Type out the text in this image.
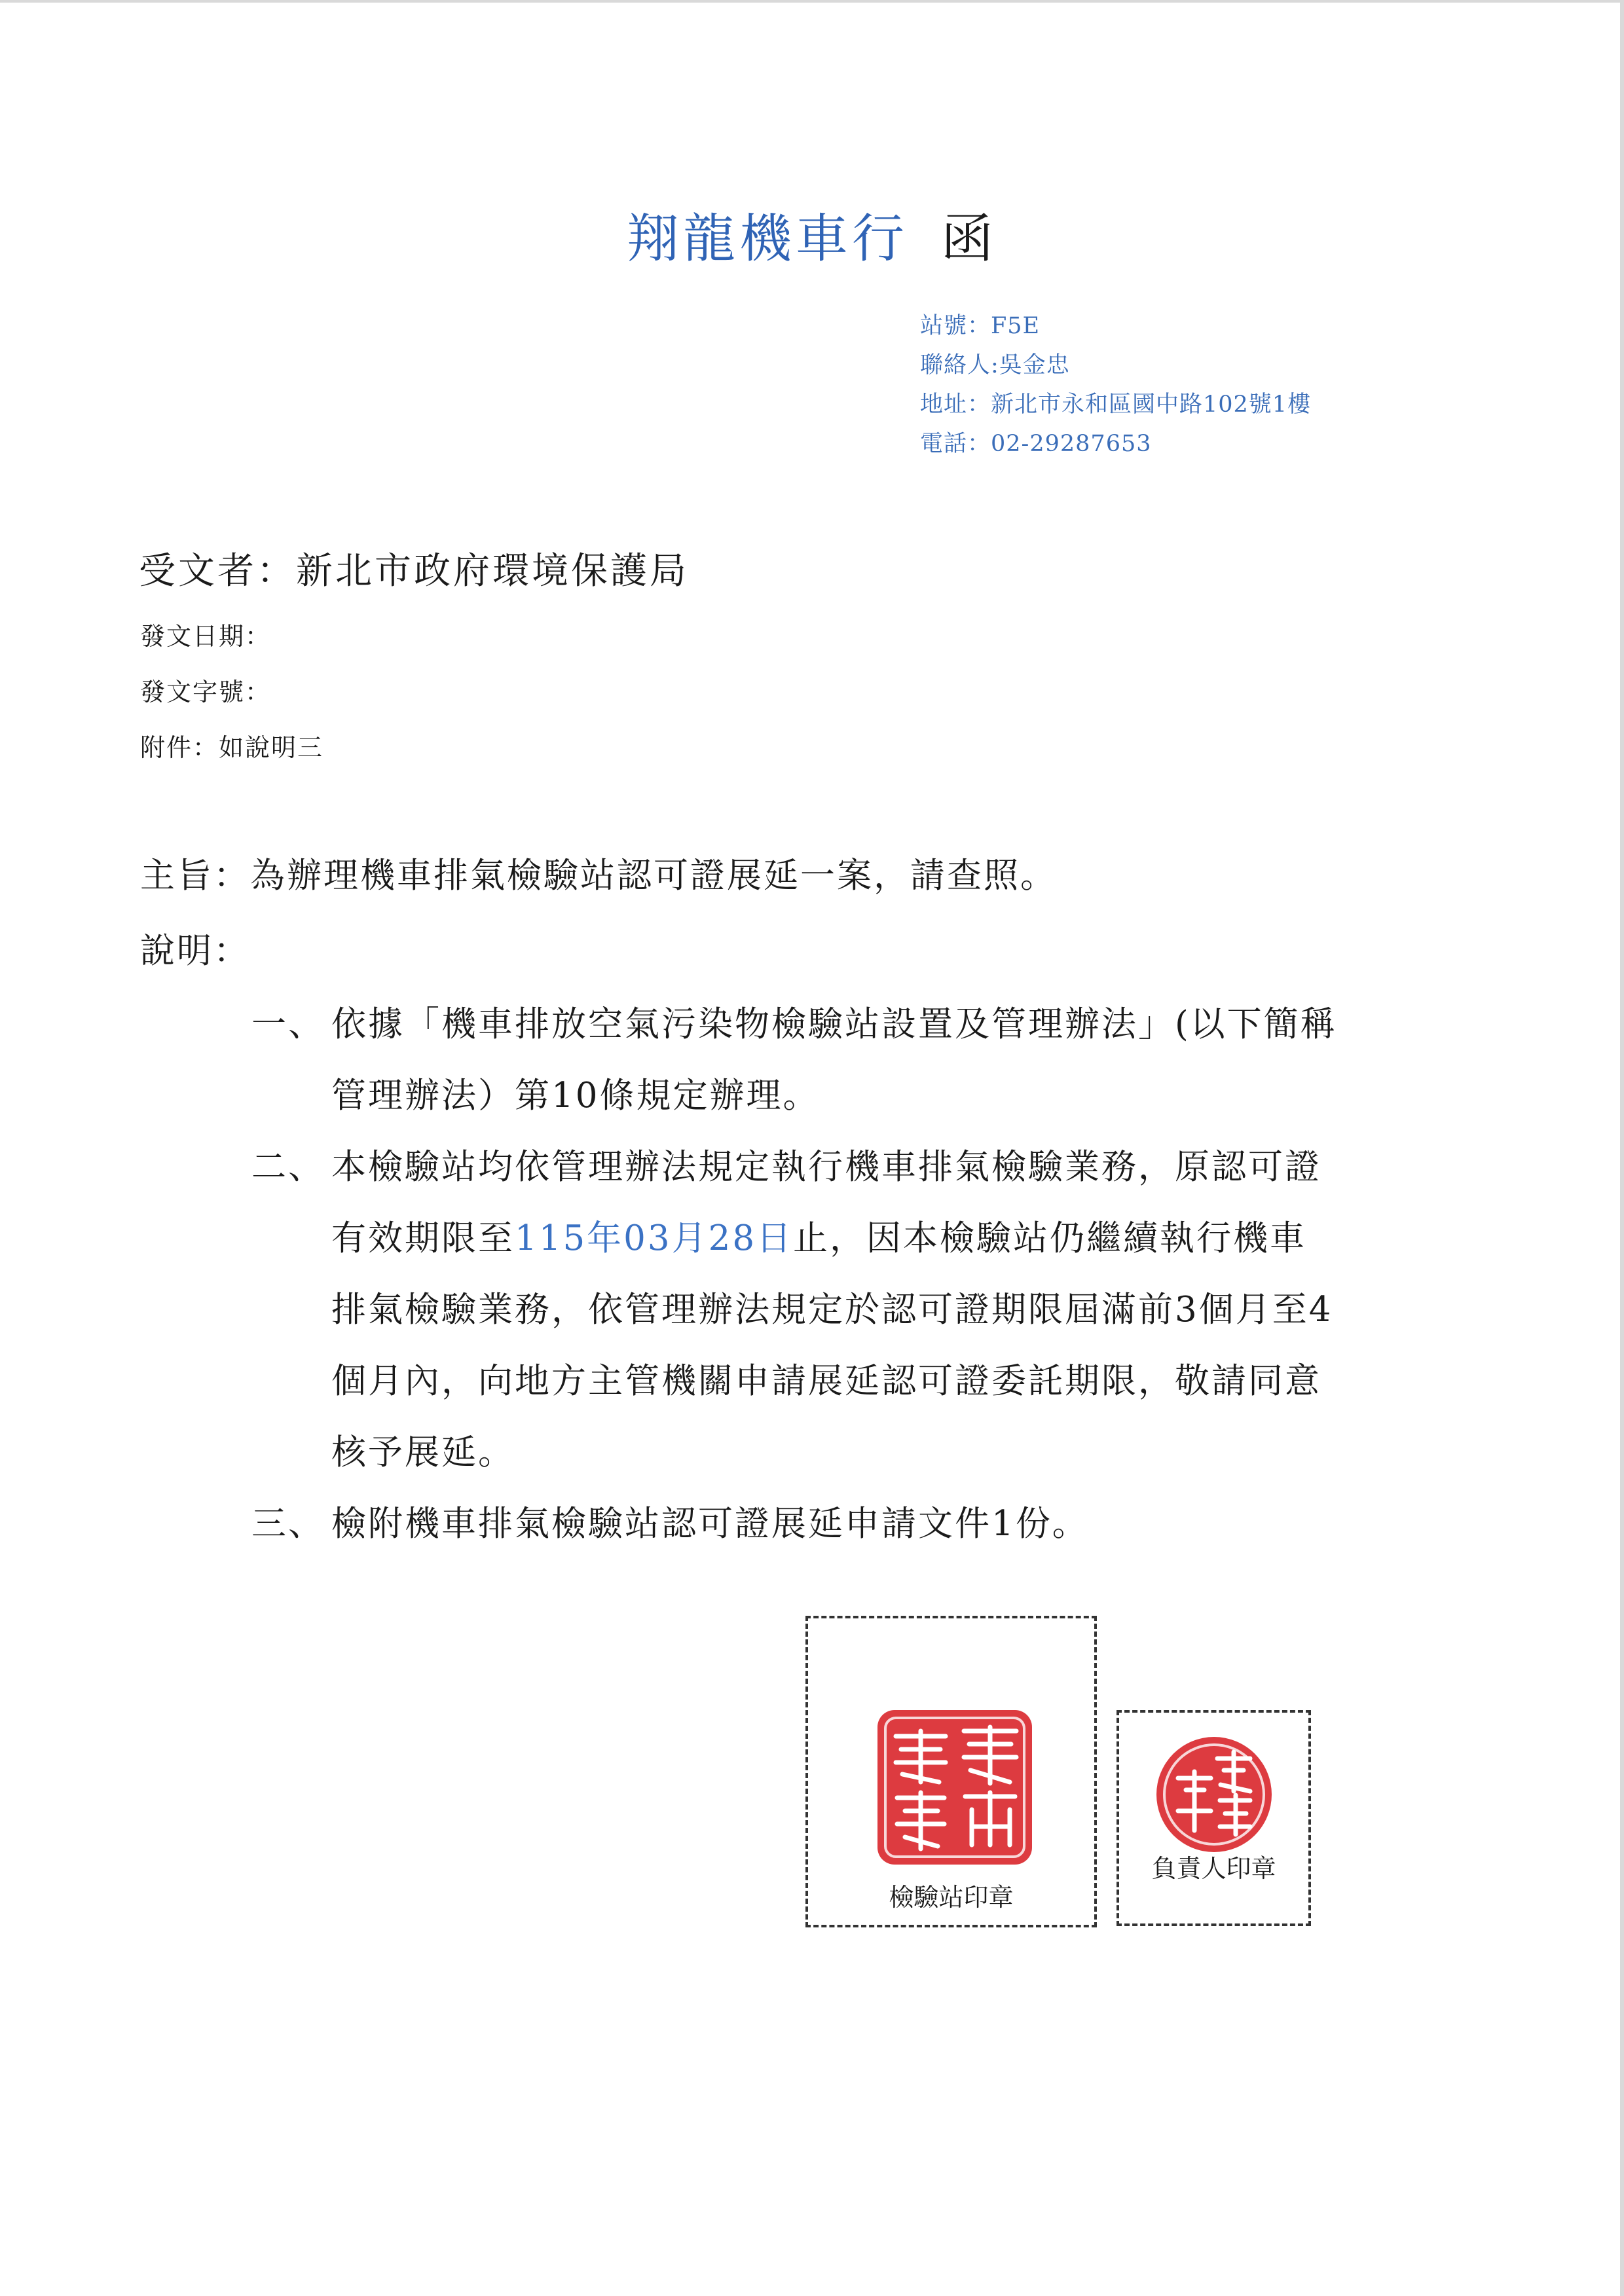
翔龍機車行 函
站號：F5E
聯絡人:吳金忠
地址：新北市永和區國中路102號1樓
電話：02-29287653
受文者：新北市政府環境保護局
發文日期：
發文字號：
附件：如說明三
主旨：為辦理機車排氣檢驗站認可證展延一案，請查照。
說明：
一、 依據「機車排放空氣污染物檢驗站設置及管理辦法」(以下簡稱
管理辦法）第10條規定辦理。
二、 本檢驗站均依管理辦法規定執行機車排氣檢驗業務，原認可證
有效期限至115年03月28日止，因本檢驗站仍繼續執行機車
排氣檢驗業務，依管理辦法規定於認可證期限屆滿前3個月至4
個月內，向地方主管機關申請展延認可證委託期限，敬請同意
核予展延。
三、 檢附機車排氣檢驗站認可證展延申請文件1份。
檢驗站印章
負責人印章
